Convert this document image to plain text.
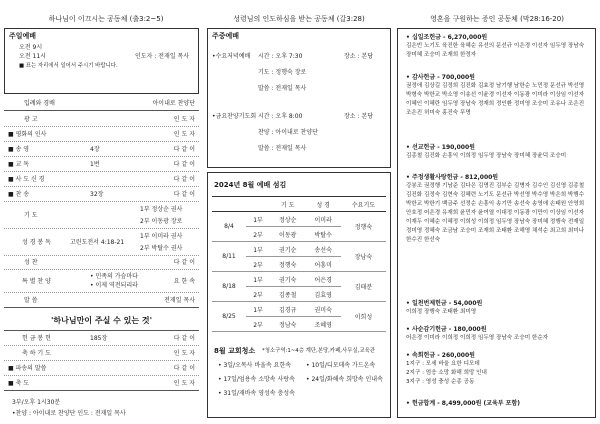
하나님이 이끄시는 공동체 (출3:2~5)
주일예배
오전 9시
오전 11시	인도자 : 전재일 목사
■ 표는 자리에서 일어서 주시기 바랍니다.
입례와 경배	아이내로 찬양단
광 고	인 도 자
■ 평화의 인사	인 도 자
■ 송 영	4장	다 같 이
■ 교 독	1번	다 같 이
■ 사 도 신 경	다 같 이
■ 찬 송	32장	다 같 이
기 도
1부 정상순 권사
2부 이동광 장로
성 경 봉 독	고린도전서 4:18-21
1부 이미라 권사
2부 박탈수 권사
성 찬	다 같 이
특 별 찬 양
• 민족의 가슴마다
• 이제 역전되리라
요 한 속
말 씀	전재일 목사
'하나님만이 주실 수 있는 것'
헌 금 봉 헌	185장	다 같 이
축 하 기 도	인 도 자
■ 파송의 말씀	다 같 이
■ 축 도	인 도 자
3부/오후 1시30분
•찬양 : 아이내로 찬양단 인도 : 전재일 목사
성령님의 인도하심을 받는 공동체 (갈3:28)
주중예배
•수요저녁예배 시간 : 오후 7:30	장소 : 본당
기도 : 정행숙 장로
말씀 : 전재일 목사
•금요찬양기도회 시간 : 오후 8:00	장소 : 본당
찬양 : 아이내로 찬양단
말씀 : 전재일 목사
2024년 8월 예배 섬김
		기 도	성 경	수요기도
8/4	1부	정상순	이미라	정행숙
	2부	이동광	박탈수	
8/11	1부	권기순	송선숙	장남숙
	2부	정행숙	어흥미	
8/18	1부	권기숙	어은경	김태분
	2부	김종철	김효영	
8/25	1부	김경규	권미숙	이희성
	2부	정남숙	조혜영	
8월 교회청소 *청소구역:1~4층 계단,본당,카페,사무실,교육관
• 3일/오목사 바울속 요한속 • 10일/디모데속 가드온속
• 17일/엄용속 소망속 사랑속 • 24일/화해속 희망속 인내속
• 31일/재바속 영성속 충성속
영혼을 구원하는 증인 공동체 (막28:16-20)
• 십일조헌금 - 6,270,000원
김은빈 노기도 육진한 육혜순 유선의 문선규 이은경 이선자 임두영 장남숙 장미혜 조승미 조재희 한정자
• 감사헌금 - 700,000원
권정애 김상길 김정희 김진화 김효정 남기행 남한순 노민정 문선규 박선영 박형숙 박한교 박소영 이송선 이윤경 이선자 이동광 이미라 이상임 이선자 이혜인 이혜란 임두영 장남숙 정재희 정인환 정미영 조승미 조유나 조은진 조은진 허미숙 홍진숙 무명
• 선교헌금 - 190,000원
김종철 김진화 손흥익 이희정 임두영 장남숙 장미혜 장윤덕 조승미
• 주정생활사랑헌금 - 812,000원
강봉조 권정행 기남준 김다은 김명진 김부순 김병자 김수인 김신영 김종철 김진화 김정숙 김현숙 김혜련 노기도 문선규 박선영 박수영 박은희 박행수 박한교 박한기 백금주 선정순 손흥익 송기만 송선숙 송영애 손태원 안영희 안호정 어은경 유재희 윤민자 윤여열 이대정 이동광 이만이 이상임 이선자 이재두 이혜순 이혜정 이희성 이희정 임두영 장남숙 장미혜 정행숙 전재일 정미영 정혜숙 조금남 조승미 조재희 조태환 조해영 채석순 최고희 최미나 한수진 한선숙
• 일천번제헌금 - 54,000원
이희정 장행숙 조태환 최미영
• 사순감기헌금 - 180,000원
어은경 이미라 이희정 이희정 임두영 장남숙 조승미 한순자
• 속회헌금 - 260,000원
1지구 : 모세 바울 요한 디모데
2지구 : 엄응 소망 화해 희망 인내
3지구 : 영성 충성 순종 공동
• 헌금합계 - 8,499,000원 (교육부 포함)
